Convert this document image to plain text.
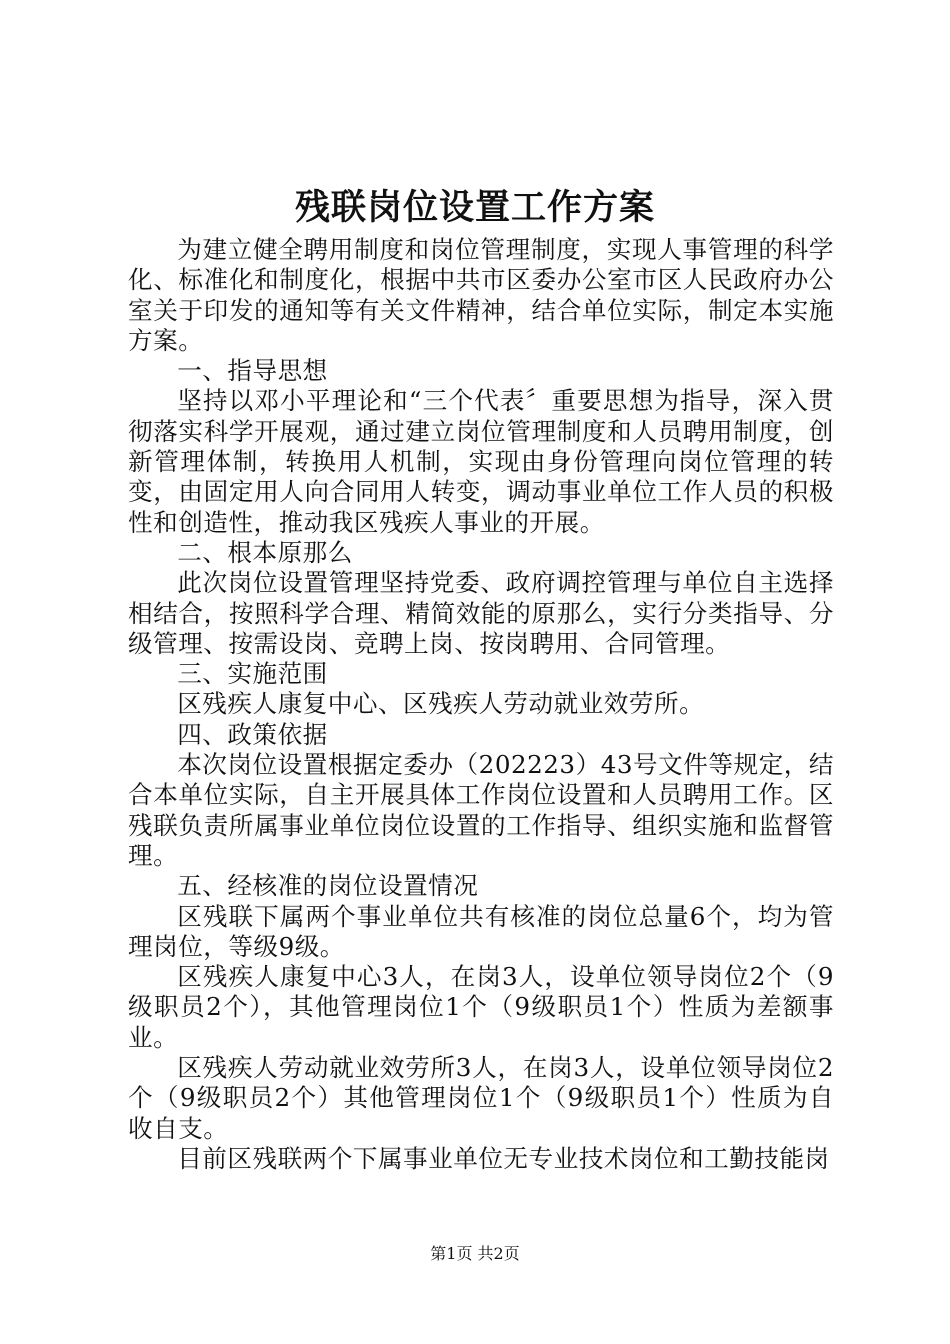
残联岗位设置工作方案

为建立健全聘用制度和岗位管理制度，实现人事管理的科学化、标准化和制度化，根据中共市区委办公室市区人民政府办公室关于印发的通知等有关文件精神，结合单位实际，制定本实施方案。

一、指导思想

坚持以邓小平理论和“三个代表〞重要思想为指导，深入贯彻落实科学开展观，通过建立岗位管理制度和人员聘用制度，创新管理体制，转换用人机制，实现由身份管理向岗位管理的转变，由固定用人向合同用人转变，调动事业单位工作人员的积极性和创造性，推动我区残疾人事业的开展。

二、根本原那么

此次岗位设置管理坚持党委、政府调控管理与单位自主选择相结合，按照科学合理、精简效能的原那么，实行分类指导、分级管理、按需设岗、竞聘上岗、按岗聘用、合同管理。

三、实施范围

区残疾人康复中心、区残疾人劳动就业效劳所。

四、政策依据

本次岗位设置根据定委办（202223）43号文件等规定，结合本单位实际，自主开展具体工作岗位设置和人员聘用工作。区残联负责所属事业单位岗位设置的工作指导、组织实施和监督管理。

五、经核准的岗位设置情况

区残联下属两个事业单位共有核准的岗位总量6个，均为管理岗位，等级9级。

区残疾人康复中心3人，在岗3人，设单位领导岗位2个（9级职员2个），其他管理岗位1个（9级职员1个）性质为差额事业。

区残疾人劳动就业效劳所3人，在岗3人，设单位领导岗位2个（9级职员2个）其他管理岗位1个（9级职员1个）性质为自收自支。

目前区残联两个下属事业单位无专业技术岗位和工勤技能岗

第1页 共2页
